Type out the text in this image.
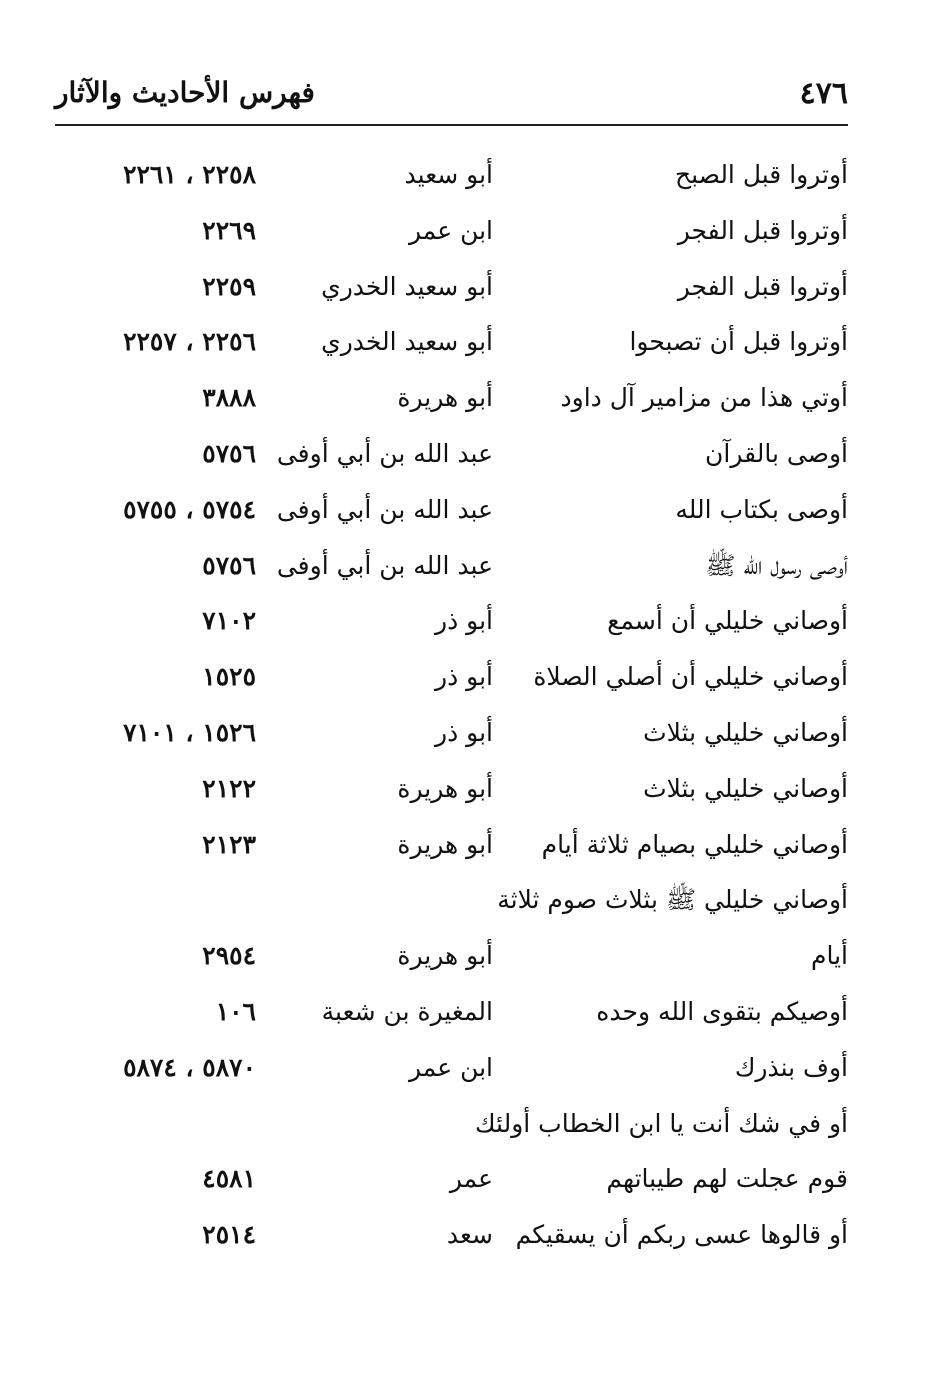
٤٧٦
فهرس الأحاديث والآثار
أوتروا قبل الصبح
أبو سعيد
٢٢٥٨ ، ٢٢٦١
أوتروا قبل الفجر
ابن عمر
٢٢٦٩
أوتروا قبل الفجر
أبو سعيد الخدري
٢٢٥٩
أوتروا قبل أن تصبحوا
أبو سعيد الخدري
٢٢٥٦ ، ٢٢٥٧
أوتي هذا من مزامير آل داود
أبو هريرة
٣٨٨٨
أوصى بالقرآن
عبد الله بن أبي أوفى
٥٧٥٦
أوصى بكتاب الله
عبد الله بن أبي أوفى
٥٧٥٤ ، ٥٧٥٥
أوصى رسول الله ﷺ
عبد الله بن أبي أوفى
٥٧٥٦
أوصاني خليلي أن أسمع
أبو ذر
٧١٠٢
أوصاني خليلي أن أصلي الصلاة
أبو ذر
١٥٢٥
أوصاني خليلي بثلاث
أبو ذر
١٥٢٦ ، ٧١٠١
أوصاني خليلي بثلاث
أبو هريرة
٢١٢٢
أوصاني خليلي بصيام ثلاثة أيام
أبو هريرة
٢١٢٣
أوصاني خليلي ﷺ بثلاث صوم ثلاثة
أيام
أبو هريرة
٢٩٥٤
أوصيكم بتقوى الله وحده
المغيرة بن شعبة
١٠٦
أوف بنذرك
ابن عمر
٥٨٧٠ ، ٥٨٧٤
أو في شك أنت يا ابن الخطاب أولئك
قوم عجلت لهم طيباتهم
عمر
٤٥٨١
أو قالوها عسى ربكم أن يسقيكم
سعد
٢٥١٤
